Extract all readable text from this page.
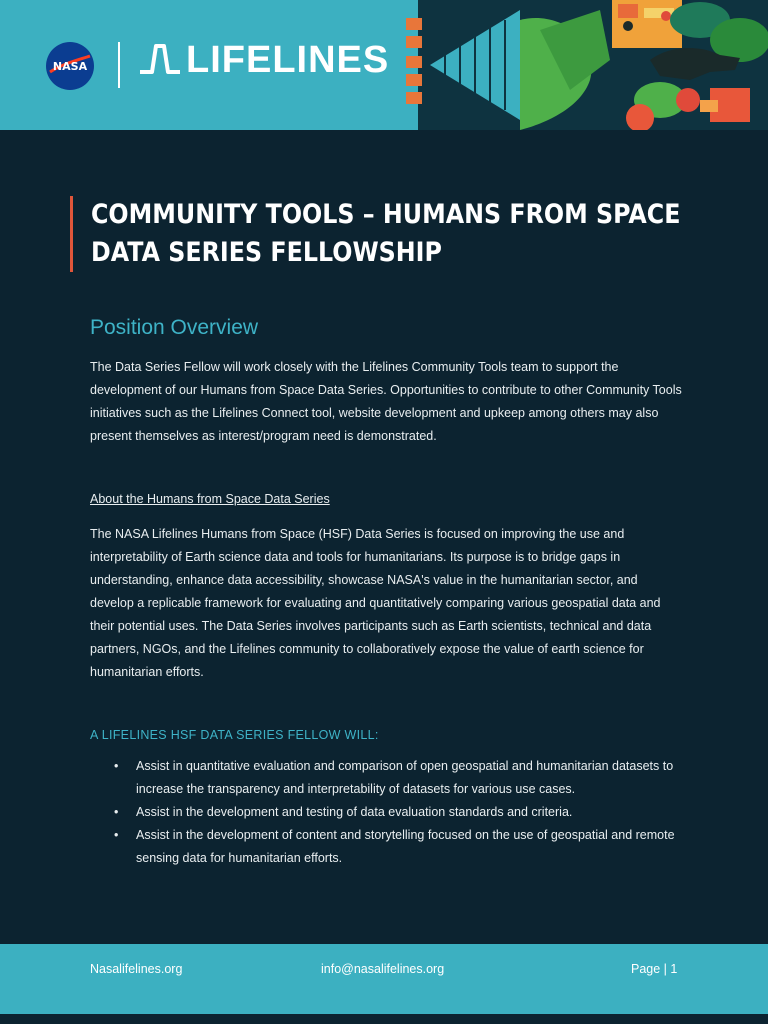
NASA	LIFELINES
COMMUNITY TOOLS – HUMANS FROM SPACE DATA SERIES FELLOWSHIP
Position Overview

The Data Series Fellow will work closely with the Lifelines Community Tools team to support the development of our Humans from Space Data Series. Opportunities to contribute to other Community Tools initiatives such as the Lifelines Connect tool, website development and upkeep among others may also present themselves as interest/program need is demonstrated.

About the Humans from Space Data Series

The NASA Lifelines Humans from Space (HSF) Data Series is focused on improving the use and interpretability of Earth science data and tools for humanitarians. Its purpose is to bridge gaps in understanding, enhance data accessibility, showcase NASA's value in the humanitarian sector, and develop a replicable framework for evaluating and quantitatively comparing various geospatial data and their potential uses. The Data Series involves participants such as Earth scientists, technical and data partners, NGOs, and the Lifelines community to collaboratively expose the value of earth science for humanitarian efforts.

A LIFELINES HSF DATA SERIES FELLOW WILL:

• Assist in quantitative evaluation and comparison of open geospatial and humanitarian datasets to increase the transparency and interpretability of datasets for various use cases.
• Assist in the development and testing of data evaluation standards and criteria.
• Assist in the development of content and storytelling focused on the use of geospatial and remote sensing data for humanitarian efforts.
Nasalifelines.org	info@nasalifelines.org	Page | 1
